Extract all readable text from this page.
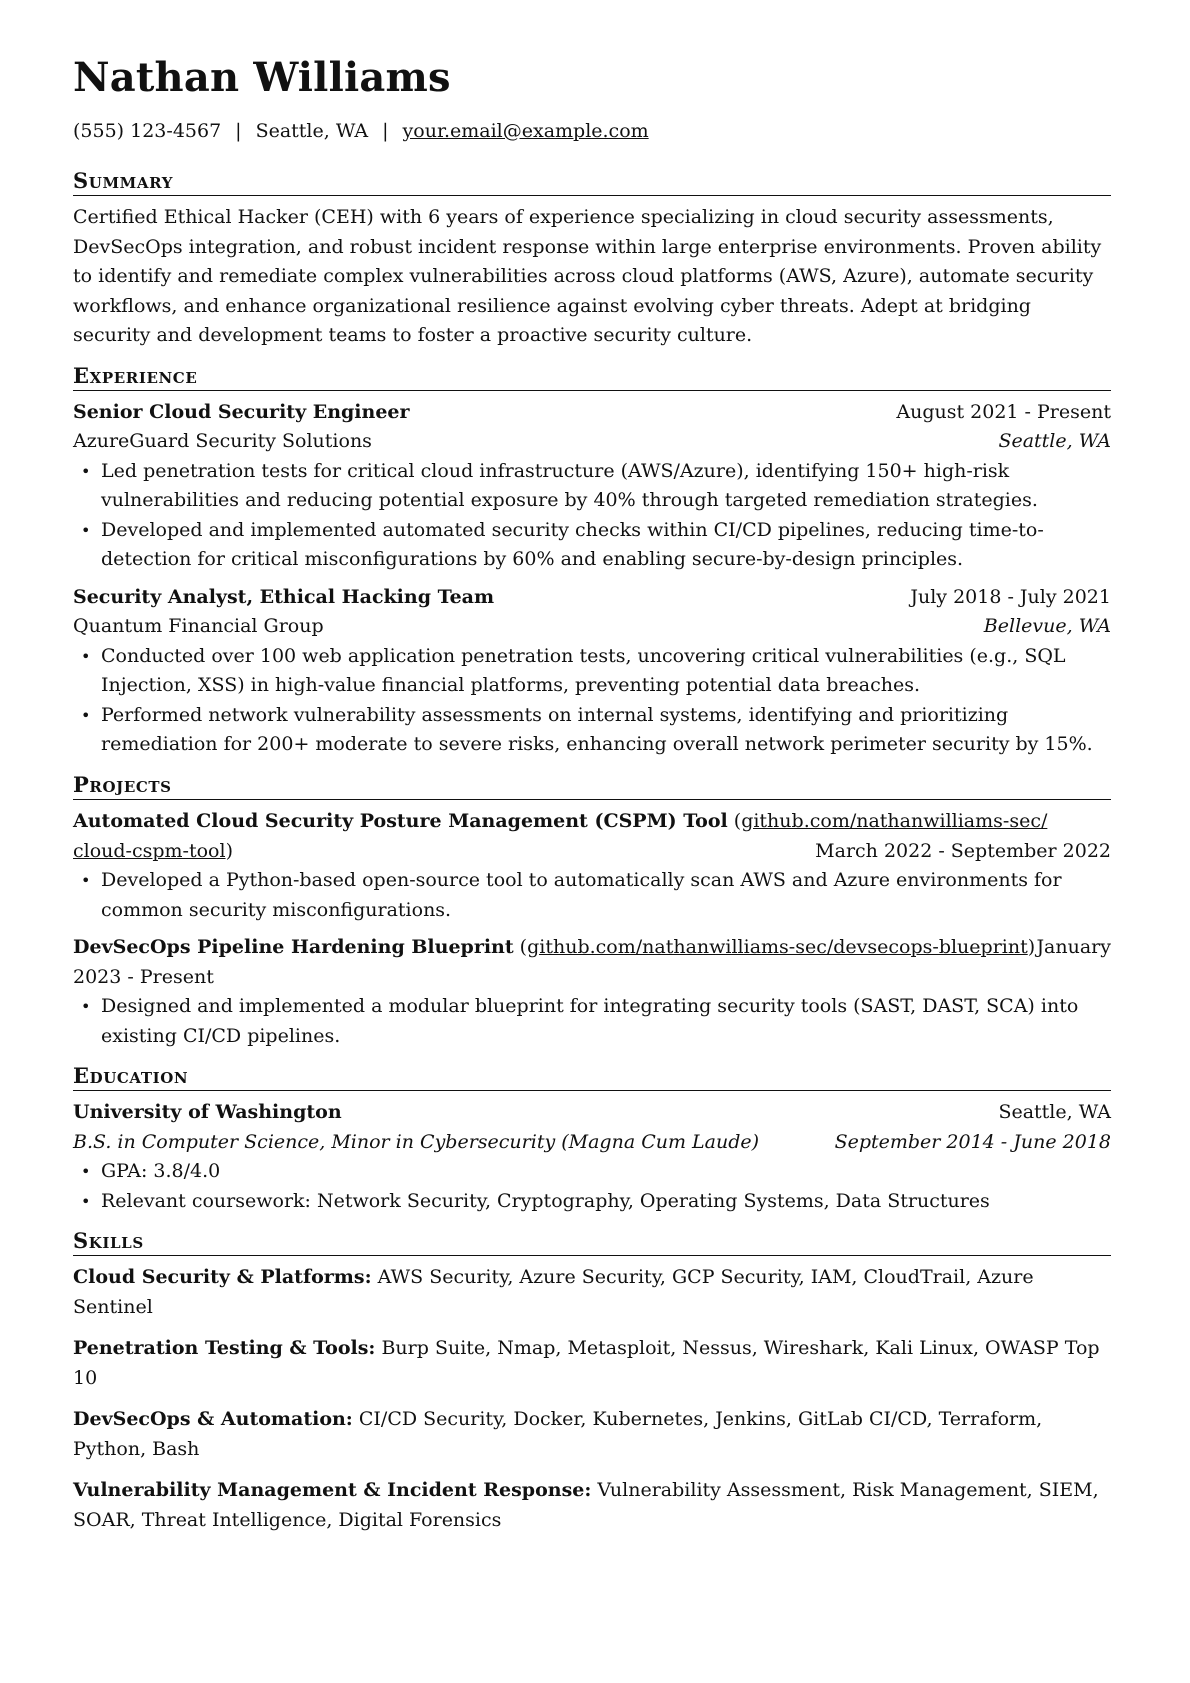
Nathan Williams
(555) 123-4567 | Seattle, WA | your.email@example.com
Summary

Certified Ethical Hacker (CEH) with 6 years of experience specializing in cloud security assessments, DevSecOps integration, and robust incident response within large enterprise environments. Proven ability to identify and remediate complex vulnerabilities across cloud platforms (AWS, Azure), automate security workflows, and enhance organizational resilience against evolving cyber threats. Adept at bridging security and development teams to foster a proactive security culture.

Experience
Senior Cloud Security Engineer	August 2021 - Present
AzureGuard Security Solutions	Seattle, WA
• Led penetration tests for critical cloud infrastructure (AWS/Azure), identifying 150+ high-risk vulnerabilities and reducing potential exposure by 40% through targeted remediation strategies.
• Developed and implemented automated security checks within CI/CD pipelines, reducing time-to-detection for critical misconfigurations by 60% and enabling secure-by-design principles.
Security Analyst, Ethical Hacking Team	July 2018 - July 2021
Quantum Financial Group	Bellevue, WA
• Conducted over 100 web application penetration tests, uncovering critical vulnerabilities (e.g., SQL Injection, XSS) in high-value financial platforms, preventing potential data breaches.
• Performed network vulnerability assessments on internal systems, identifying and prioritizing remediation for 200+ moderate to severe risks, enhancing overall network perimeter security by 15%.
Projects
Automated Cloud Security Posture Management (CSPM) Tool (github.com/nathanwilliams-sec/
cloud-cspm-tool)	March 2022 - September 2022
• Developed a Python-based open-source tool to automatically scan AWS and Azure environments for common security misconfigurations.
DevSecOps Pipeline Hardening Blueprint (github.com/nathanwilliams-sec/devsecops-blueprint) January
2023 - Present
• Designed and implemented a modular blueprint for integrating security tools (SAST, DAST, SCA) into existing CI/CD pipelines.
Education
University of Washington	Seattle, WA
B.S. in Computer Science, Minor in Cybersecurity (Magna Cum Laude)	September 2014 - June 2018
• GPA: 3.8/4.0
• Relevant coursework: Network Security, Cryptography, Operating Systems, Data Structures
Skills

Cloud Security & Platforms: AWS Security, Azure Security, GCP Security, IAM, CloudTrail, Azure Sentinel

Penetration Testing & Tools: Burp Suite, Nmap, Metasploit, Nessus, Wireshark, Kali Linux, OWASP Top 10

DevSecOps & Automation: CI/CD Security, Docker, Kubernetes, Jenkins, GitLab CI/CD, Terraform, Python, Bash

Vulnerability Management & Incident Response: Vulnerability Assessment, Risk Management, SIEM, SOAR, Threat Intelligence, Digital Forensics
